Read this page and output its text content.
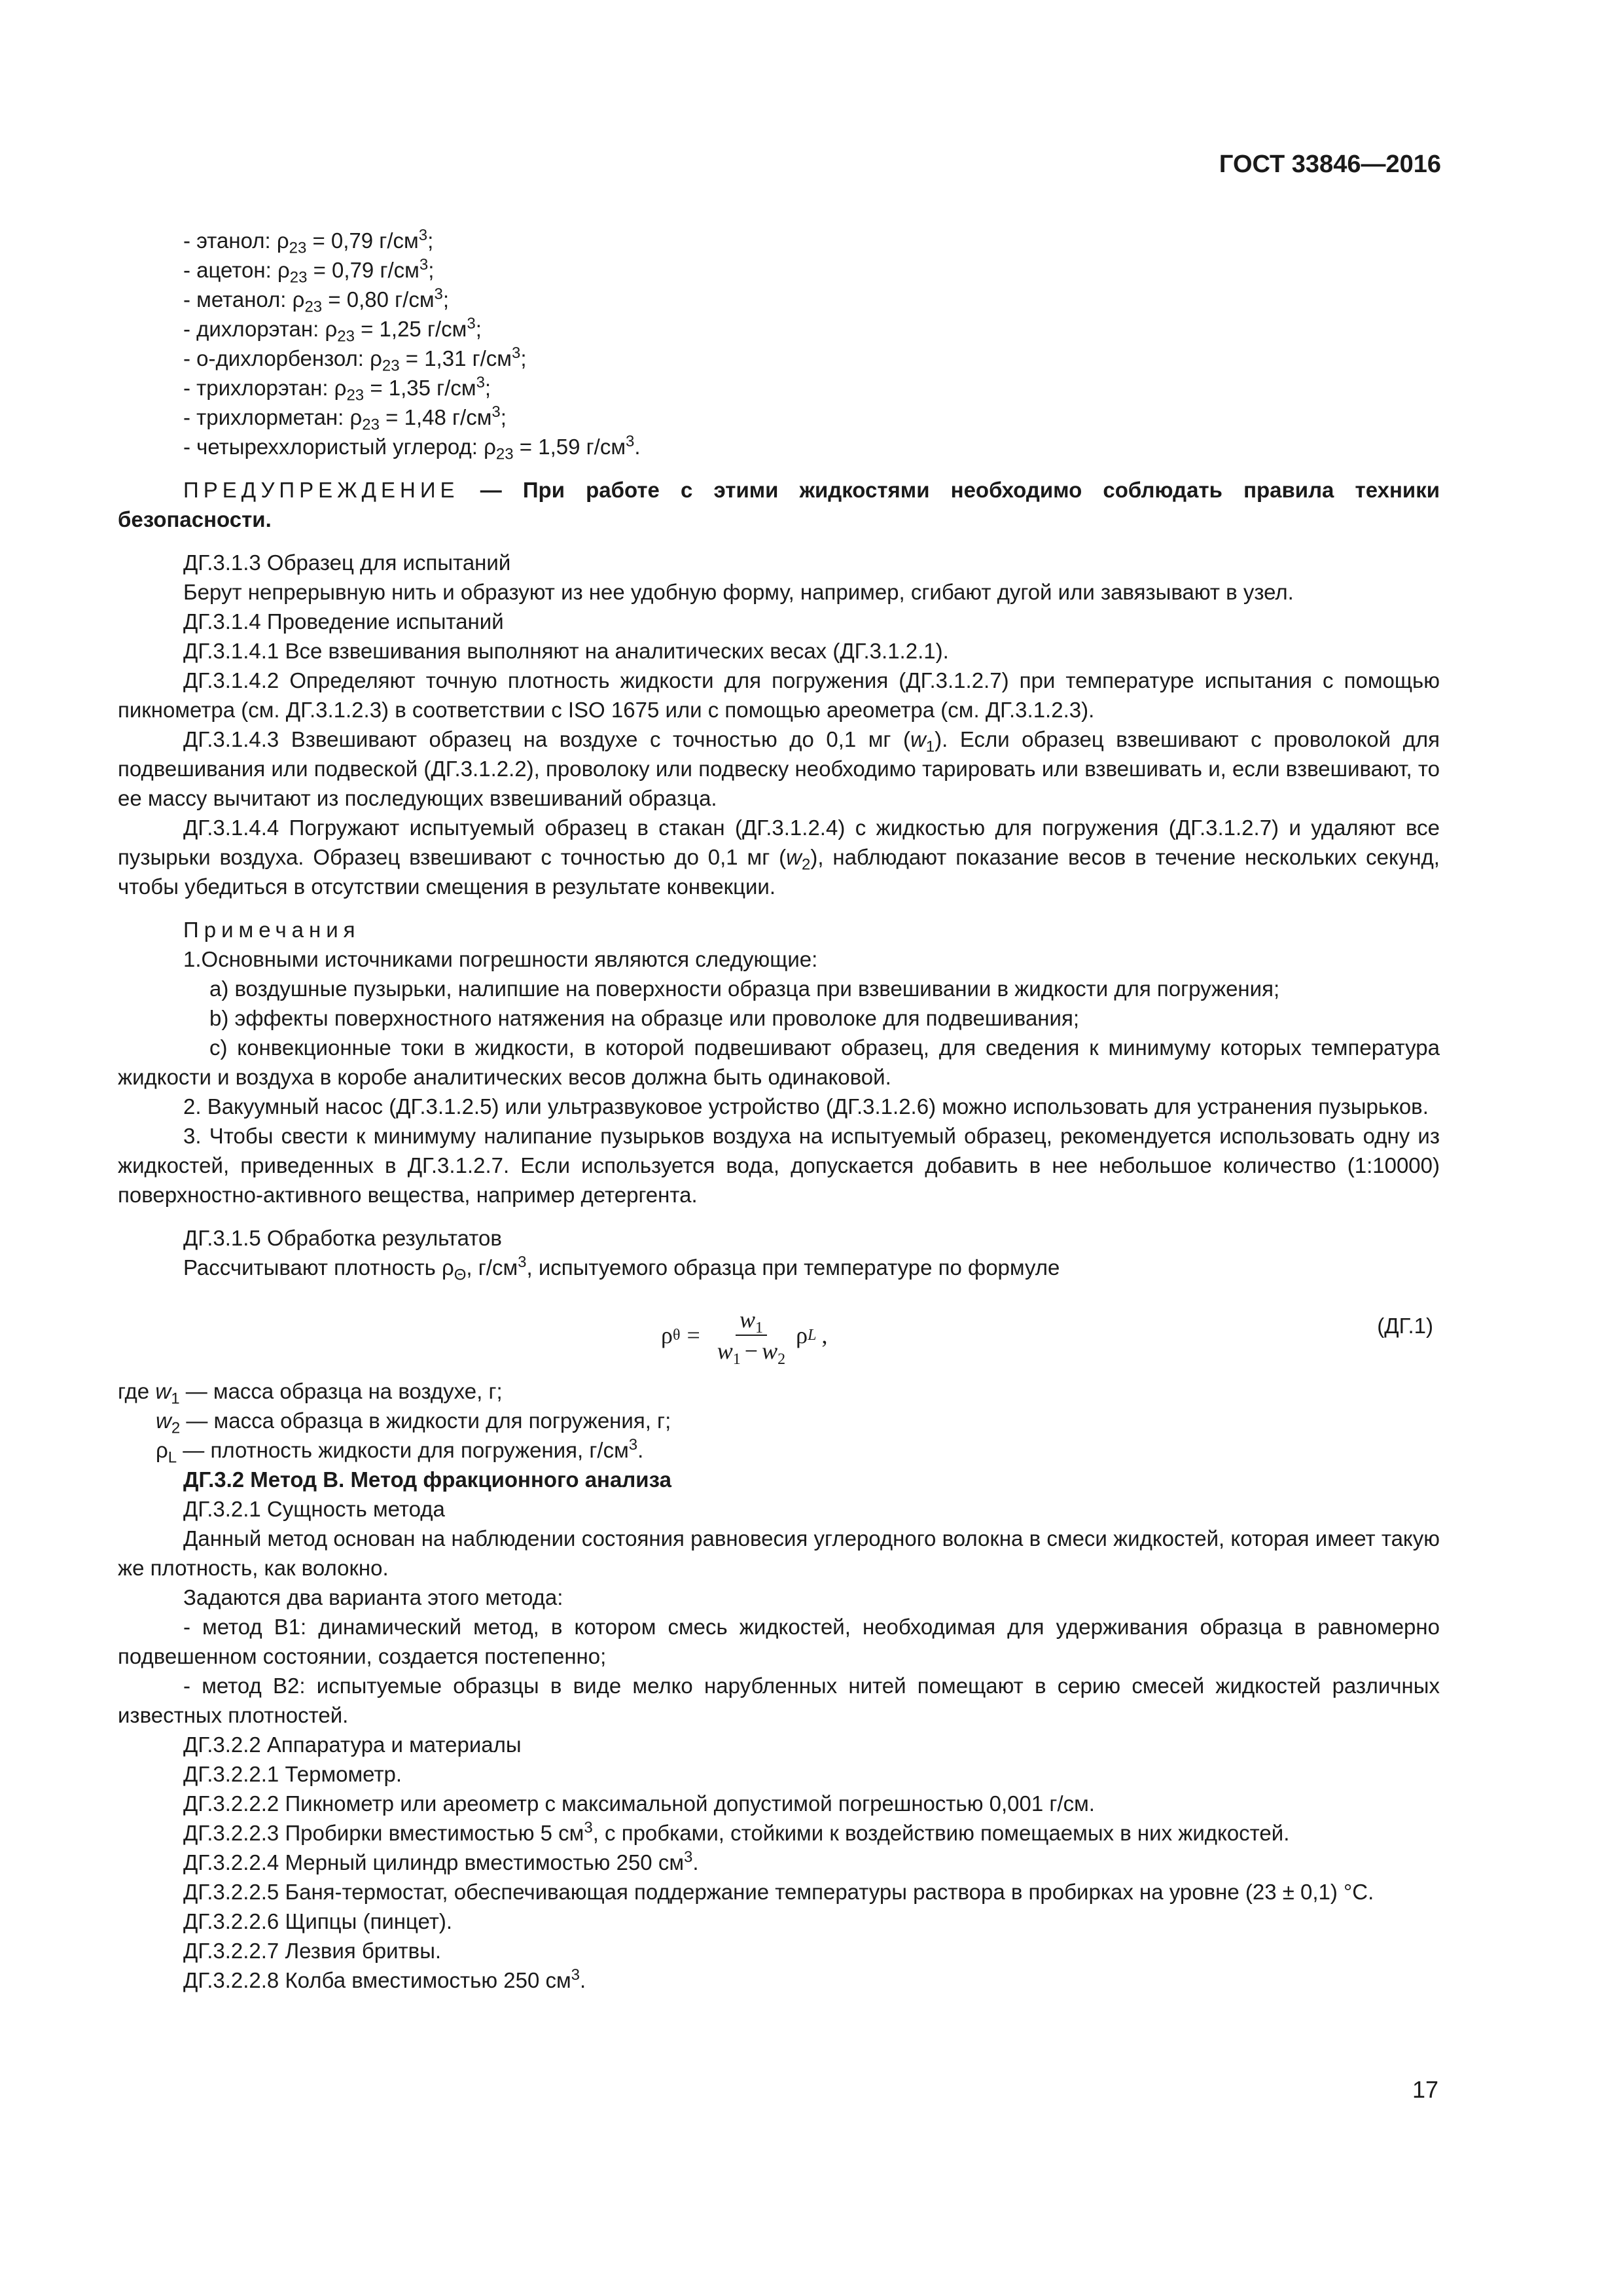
ГОСТ 33846—2016

- этанол: $\rho_{23} = 0,79$ $г/см^3$;

- ацетон: $\rho_{23} = 0,79$ $г/см^3$;

- метанол: $\rho_{23} = 0,80$ $г/см^3$;

- дихлорэтан: $\rho_{23} = 1,25$ $г/см^3$;

- о-дихлорбензол: $\rho_{23} = 1,31$ $г/см^3$;

- трихлорэтан: $\rho_{23} = 1,35$ $г/см^3$;

- трихлорметан: $\rho_{23} = 1,48$ $г/см^3$;

- четыреххлористый углерод: $\rho_{23} = 1,59$ $г/см^3$.

ПРЕДУПРЕЖДЕНИЕ — При работе с этими жидкостями необходимо соблюдать правила техники безопасности.

ДГ.3.1.3 Образец для испытаний

Берут непрерывную нить и образуют из нее удобную форму, например, сгибают дугой или завязывают в узел.

ДГ.3.1.4 Проведение испытаний

ДГ.3.1.4.1 Все взвешивания выполняют на аналитических весах (ДГ.3.1.2.1).

ДГ.3.1.4.2 Определяют точную плотность жидкости для погружения (ДГ.3.1.2.7) при температуре испытания с помощью пикнометра (см. ДГ.3.1.2.3) в соответствии с ISO 1675 или с помощью ареометра (см. ДГ.3.1.2.3).

ДГ.3.1.4.3 Взвешивают образец на воздухе с точностью до 0,1 мг $(w_1)$. Если образец взвешивают с проволокой для подвешивания или подвеской (ДГ.3.1.2.2), проволоку или подвеску необходимо тарировать или взвешивать и, если взвешивают, то ее массу вычитают из последующих взвешиваний образца.

ДГ.3.1.4.4 Погружают испытуемый образец в стакан (ДГ.3.1.2.4) с жидкостью для погружения (ДГ.3.1.2.7) и удаляют все пузырьки воздуха. Образец взвешивают с точностью до 0,1 мг $(w_2)$, наблюдают показание весов в течение нескольких секунд, чтобы убедиться в отсутствии смещения в результате конвекции.

Примечания

1.Основными источниками погрешности являются следующие:

a) воздушные пузырьки, налипшие на поверхности образца при взвешивании в жидкости для погружения;

b) эффекты поверхностного натяжения на образце или проволоке для подвешивания;

c) конвекционные токи в жидкости, в которой подвешивают образец, для сведения к минимуму которых температура жидкости и воздуха в коробе аналитических весов должна быть одинаковой.

2. Вакуумный насос (ДГ.3.1.2.5) или ультразвуковое устройство (ДГ.3.1.2.6) можно использовать для устранения пузырьков.

3. Чтобы свести к минимуму налипание пузырьков воздуха на испытуемый образец, рекомендуется использовать одну из жидкостей, приведенных в ДГ.3.1.2.7. Если используется вода, допускается добавить в нее небольшое количество (1:10000) поверхностно-активного вещества, например детергента.

ДГ.3.1.5 Обработка результатов

Рассчитывают плотность $\rho_\Theta$, $г/см^3$, испытуемого образца при температуре по формуле

ρ $\theta = \frac{w_1}{w_1 - w_2}$ ρ L ,	(ДГ.1)

где $w_1$ — масса образца на воздухе, г;

$w_2$ — масса образца в жидкости для погружения, г;

$\rho_L$ — плотность жидкости для погружения, $г/см^3$.

ДГ.3.2 Метод В. Метод фракционного анализа

ДГ.3.2.1 Сущность метода

Данный метод основан на наблюдении состояния равновесия углеродного волокна в смеси жидкостей, которая имеет такую же плотность, как волокно.

Задаются два варианта этого метода:

- метод В1: динамический метод, в котором смесь жидкостей, необходимая для удерживания образца в равномерно подвешенном состоянии, создается постепенно;

- метод В2: испытуемые образцы в виде мелко нарубленных нитей помещают в серию смесей жидкостей различных известных плотностей.

ДГ.3.2.2 Аппаратура и материалы

ДГ.3.2.2.1 Термометр.

ДГ.3.2.2.2 Пикнометр или ареометр с максимальной допустимой погрешностью 0,001 г/см.

ДГ.3.2.2.3 Пробирки вместимостью 5 $см^3$, с пробками, стойкими к воздействию помещаемых в них жидкостей.

ДГ.3.2.2.4 Мерный цилиндр вместимостью 250 $см^3$.

ДГ.3.2.2.5 Баня-термостат, обеспечивающая поддержание температуры раствора в пробирках на уровне (23 ± 0,1) °С.

ДГ.3.2.2.6 Щипцы (пинцет).

ДГ.3.2.2.7 Лезвия бритвы.

ДГ.3.2.2.8 Колба вместимостью 250 $см^3$.

17
